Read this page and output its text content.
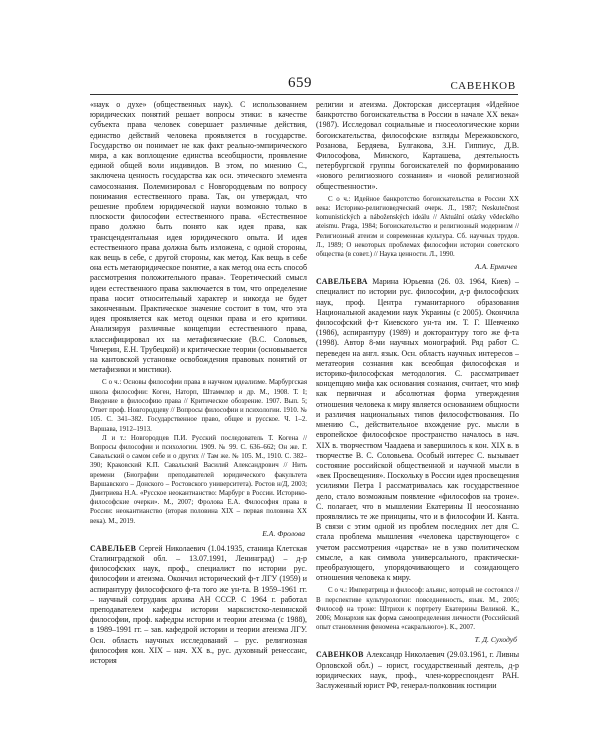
659	САВЕНКОВ

«наук о духе» (общественных наук). С использованием юридических понятий решает вопросы этики: в качестве субъекта права человек совершает различные действия, единство действий человека проявляется в государстве. Государство он понимает не как факт реально-эмпирического мира, а как воплощение единства всеобщности, проявление единой общей воли индивидов. В этом, по мнению С., заключена ценность государства как осн. этического элемента самосознания. Полемизировал с Новгородцевым по вопросу понимания естественного права. Так, он утверждал, что решение проблем юридической науки возможно только в плоскости философии естественного права. «Естественное право должно быть понято как идея права, как трансцендентальная идея юридического опыта. И идея естественного права должна быть изложена, с одной стороны, как вещь в себе, с другой стороны, как метод. Как вещь в себе она есть метаюридическое понятие, а как метод она есть способ рассмотрения положительного права». Теоретический смысл идеи естественного права заключается в том, что определение права носит относительный характер и никогда не будет законченным. Практическое значение состоит в том, что эта идея проявляется как метод оценки права и его критики. Анализируя различные концепции естественного права, классифицировал их на метафизические (В.С. Соловьев, Чичерин, Е.Н. Трубецкой) и критические теории (основывается на кантовской установке освобождения правовых понятий от метафизики и мистики).

С о ч.: Основы философии права в научном идеализме. Марбургская школа философии: Коген, Наторп, Штаммлер и др. М., 1908. Т. I; Введение в философию права // Критическое обозрение. 1907. Вып. 5; Ответ проф. Новгородцеву // Вопросы философии и психологии. 1910. № 105. С. 341–382. Государственное право, общее и русское. Ч. 1–2. Варшава, 1912–1913.

Л и т.: Новгородцев П.И. Русский последователь Т. Когена // Вопросы философии и психологии. 1909. № 99. С. 636–662; Он же. Г. Савальский о самом себе и о других // Там же. № 105. М., 1910. С. 382–390; Краковский К.П. Савальский Василий Александрович // Нить времени (Биографии преподавателей юридического факультета Варшавского – Донского – Ростовского университета). Ростов н/Д, 2003; Дмитриева Н.А. «Русское неокантианство: Марбург в России. Историко-философские очерки». М., 2007; Фролова Е.А. Философия права в России: неокантианство (вторая половина XIX – первая половина XX века). М., 2019.

Е.А. Фролова

САВЕЛЬЕВ Сергей Николаевич (1.04.1935, станица Клетская Сталинградской обл. – 13.07.1991, Ленинград) – д-р философских наук, проф., специалист по истории рус. философии и атеизма. Окончил исторический ф-т ЛГУ (1959) и аспирантуру философского ф-та того же ун-та. В 1959–1961 гг. – научный сотрудник архива АН СССР. С 1964 г. работал преподавателем кафедры истории марксистско-ленинской философии, проф. кафедры истории и теории атеизма (с 1988), в 1989–1991 гг. – зав. кафедрой истории и теории атеизма ЛГУ. Осн. область научных исследований – рус. религиозная философия кон. XIX – нач. XX в., рус. духовный ренессанс, история

религии и атеизма. Докторская диссертация «Идейное банкротство богоискательства в России в начале XX века» (1987). Исследовал социальные и гносеологические корни богоискательства, философские взгляды Мережковского, Розанова, Бердяева, Булгакова, З.Н. Гиппиус, Д.В. Философова, Минского, Карташева, деятельность петербургской группы богоискателей по формированию «нового религиозного сознания» и «новой религиозной общественности».

С о ч.: Идейное банкротство богоискательства в России XX века: Историко-религиоведческий очерк. Л., 1987; Neskutečnost komunistických a náboženských ideálu // Aktuální otázky vědeckého ateismu. Praga, 1984; Богоискательство и религиозный модернизм // Религиозный атеизм и современная культура. Сб. научных трудов. Л., 1989; О некоторых проблемах философии истории советского общества (в совет.) // Наука ценности. Л., 1990.

А.А. Ермичев

САВЕЛЬЕВА Марина Юрьевна (26. 03. 1964, Киев) – специалист по истории рус. философии, д-р философских наук, проф. Центра гуманитарного образования Национальной академии наук Украины (с 2005). Окончила философский ф-т Киевского ун-та им. Т. Г. Шевченко (1986), аспирантуру (1989) и докторантуру того же ф-та (1998). Автор 8-ми научных монографий. Ряд работ С. переведен на англ. язык. Осн. область научных интересов – метатеория сознания как всеобщая философская и историко-философская методология. С. рассматривает концепцию мифа как основания сознания, считает, что миф как первичная и абсолютная форма утверждения отношения человека к миру является основанием общности и различия национальных типов философствования. По мнению С., действительное вхождение рус. мысли в европейское философское пространство началось в нач. XIX в. творчеством Чаадаева и завершилось к кон. XIX в. в творчестве В. С. Соловьева. Особый интерес С. вызывает состояние российской общественной и научной мысли в «век Просвещения». Поскольку в России идея просвещения усилиями Петра I рассматривалась как государственное дело, стало возможным появление «философов на троне». С. полагает, что в мышлении Екатерины II неосознанно проявлялись те же принципы, что и в философии И. Канта. В связи с этим одной из проблем последних лет для С. стала проблема мышления «человека царствующего» с учетом рассмотрения «царства» не в узко политическом смысле, а как символа универсального, практически-преобразующего, упорядочивающего и созидающего отношения человека к миру.

С о ч.: Императрица и философ: альянс, который не состоялся // В перспективе культурологии: повседневность, язык. М., 2005; Философ на троне: Штрихи к портрету Екатерины Великой. К., 2006; Монархия как форма самоопределения личности (Российский опыт становления феномена «сакрального»). К., 2007.

Т. Д. Суходуб

САВЕНКОВ Александр Николаевич (29.03.1961, г. Ливны Орловской обл.) – юрист, государственный деятель, д-р юридических наук, проф., член-корреспондент РАН. Заслуженный юрист РФ, генерал-полковник юстиции
